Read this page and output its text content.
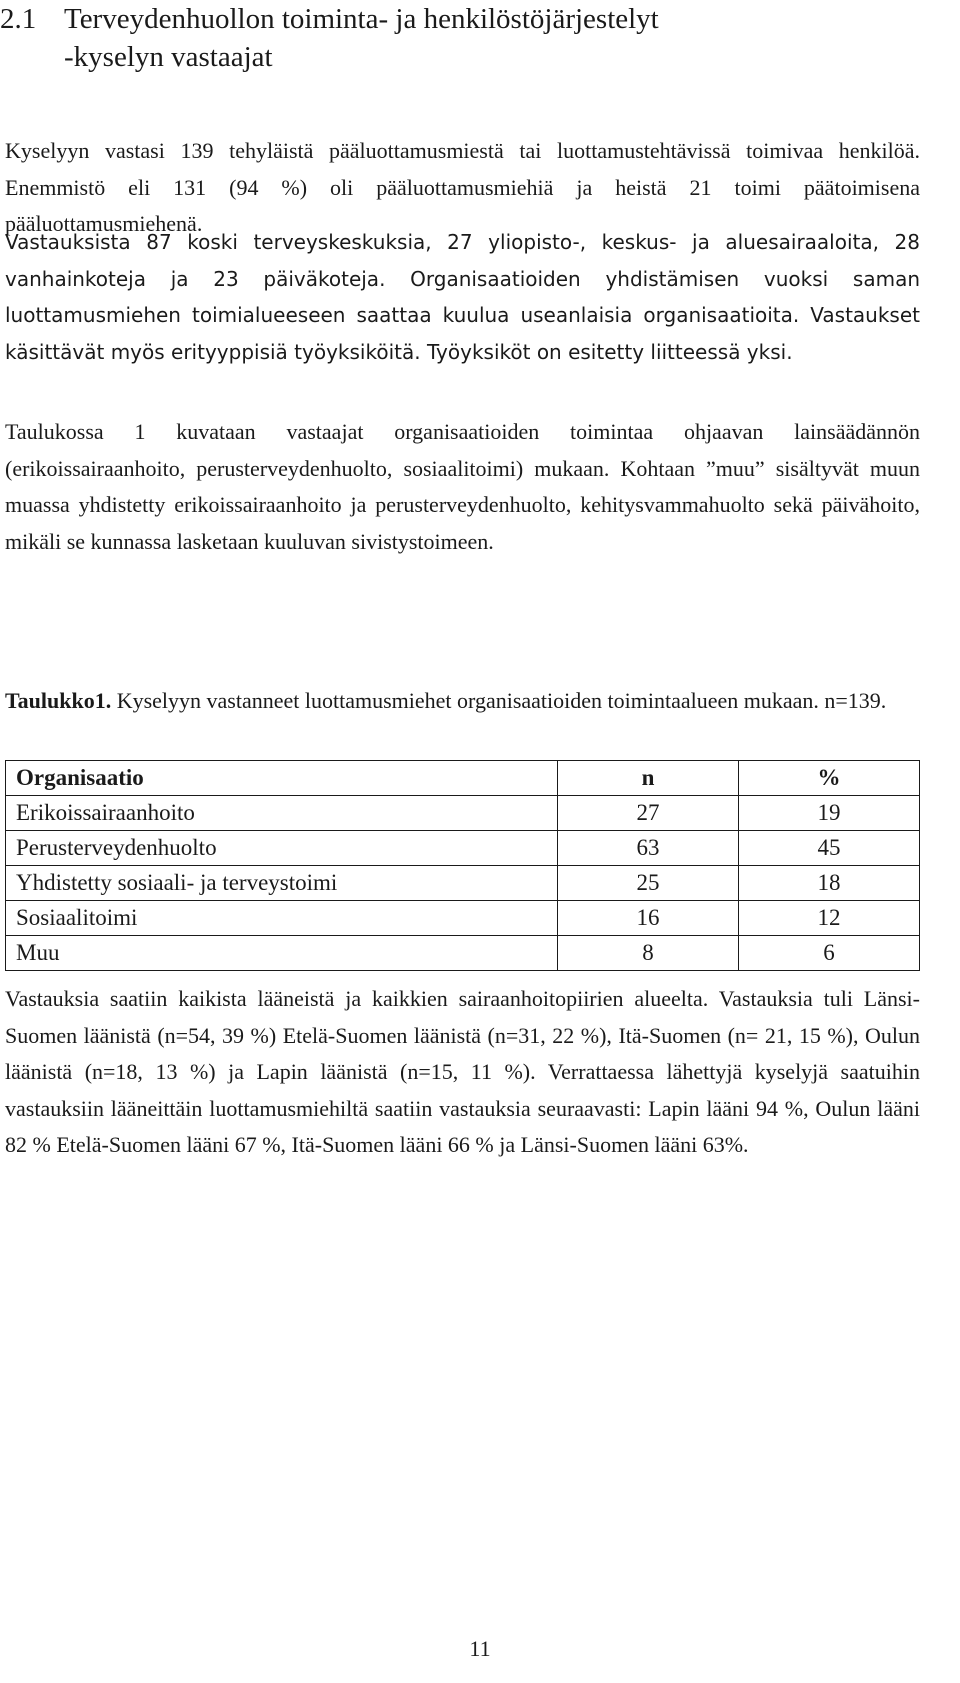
2.1 Terveydenhuollon toiminta- ja henkilöstöjärjestelyt
-kyselyn vastaajat

Kyselyyn vastasi 139 tehyläistä pääluottamusmiestä tai luottamustehtävissä toimivaa henkilöä. Enemmistö eli 131 (94 %) oli pääluottamusmiehiä ja heistä 21 toimi päätoimisena pääluottamusmiehenä.

Vastauksista 87 koski terveyskeskuksia, 27 yliopisto-, keskus- ja aluesairaaloita, 28 vanhainkoteja ja 23 päiväkoteja. Organisaatioiden yhdistämisen vuoksi saman luottamusmiehen toimialueeseen saattaa kuulua useanlaisia organisaatioita. Vastaukset käsittävät myös erityyppisiä työyksiköitä. Työyksiköt on esitetty liitteessä yksi.

Taulukossa 1 kuvataan vastaajat organisaatioiden toimintaa ohjaavan lainsäädännön (erikoissairaanhoito, perusterveydenhuolto, sosiaalitoimi) mukaan. Kohtaan ”muu” sisältyvät muun muassa yhdistetty erikoissairaanhoito ja perusterveydenhuolto, kehitysvammahuolto sekä päivähoito, mikäli se kunnassa lasketaan kuuluvan sivistystoimeen.

Taulukko1. Kyselyyn vastanneet luottamusmiehet organisaatioiden toimintaalueen mukaan. n=139.

Organisaatio	n	%
Erikoissairaanhoito	27	19
Perusterveydenhuolto	63	45
Yhdistetty sosiaali- ja terveystoimi	25	18
Sosiaalitoimi	16	12
Muu	8	6

Vastauksia saatiin kaikista lääneistä ja kaikkien sairaanhoitopiirien alueelta. Vastauksia tuli Länsi-Suomen läänistä (n=54, 39 %) Etelä-Suomen läänistä (n=31, 22 %), Itä-Suomen (n= 21, 15 %), Oulun läänistä (n=18, 13 %) ja Lapin läänistä (n=15, 11 %). Verrattaessa lähettyjä kyselyjä saatuihin vastauksiin lääneittäin luottamusmiehiltä saatiin vastauksia seuraavasti: Lapin lääni 94 %, Oulun lääni 82 % Etelä-Suomen lääni 67 %, Itä-Suomen lääni 66 % ja Länsi-Suomen lääni 63%.

11
